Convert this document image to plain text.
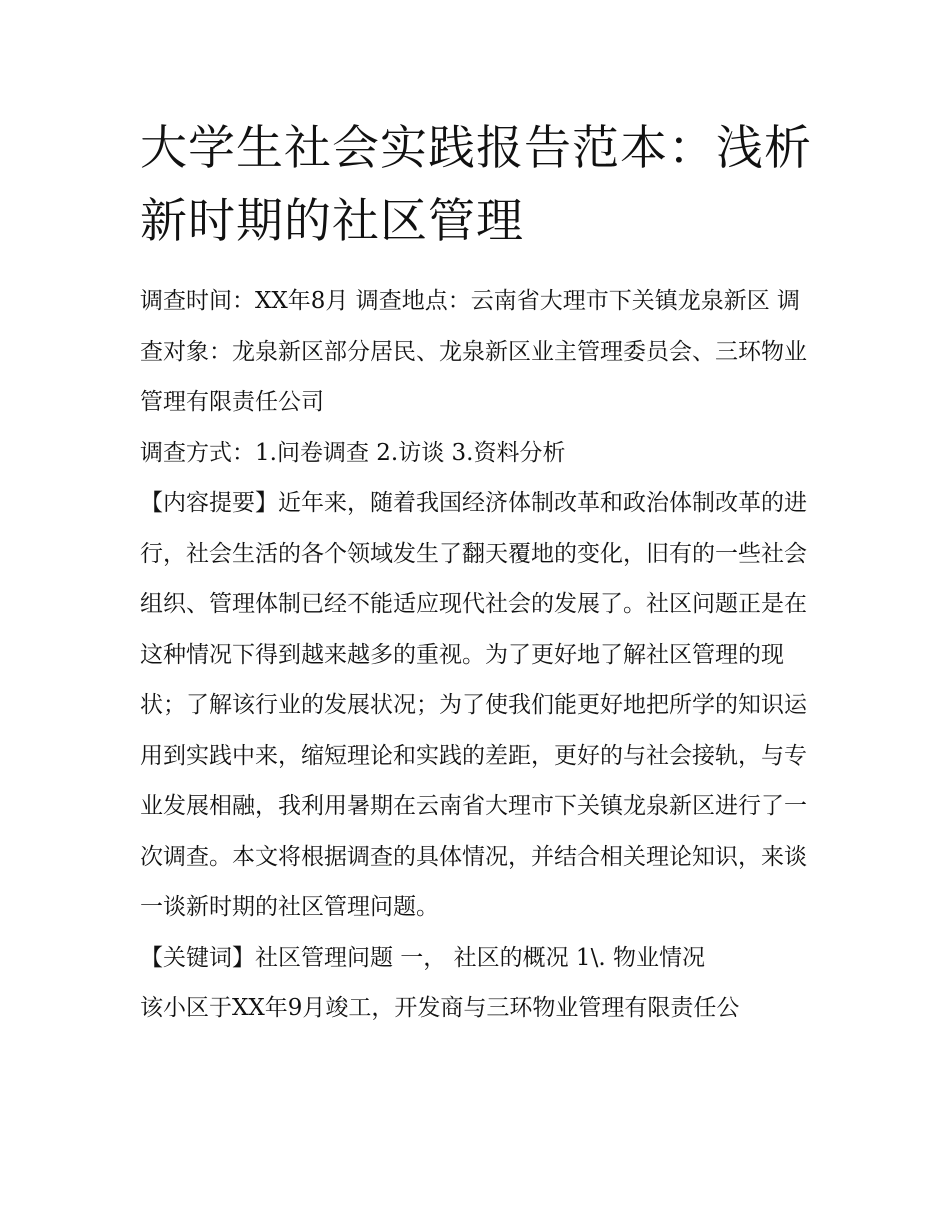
大学生社会实践报告范本：浅析新时期的社区管理

调查时间：XX年8月 调查地点：云南省大理市下关镇龙泉新区 调查对象：龙泉新区部分居民、龙泉新区业主管理委员会、三环物业管理有限责任公司

调查方式：1.问卷调查 2.访谈 3.资料分析

【内容提要】近年来，随着我国经济体制改革和政治体制改革的进行，社会生活的各个领域发生了翻天覆地的变化，旧有的一些社会组织、管理体制已经不能适应现代社会的发展了。社区问题正是在这种情况下得到越来越多的重视。为了更好地了解社区管理的现状；了解该行业的发展状况；为了使我们能更好地把所学的知识运用到实践中来，缩短理论和实践的差距，更好的与社会接轨，与专业发展相融，我利用暑期在云南省大理市下关镇龙泉新区进行了一次调查。本文将根据调查的具体情况，并结合相关理论知识，来谈一谈新时期的社区管理问题。

【关键词】社区管理问题 一， 社区的概况 1\. 物业情况

该小区于XX年9月竣工，开发商与三环物业管理有限责任公
